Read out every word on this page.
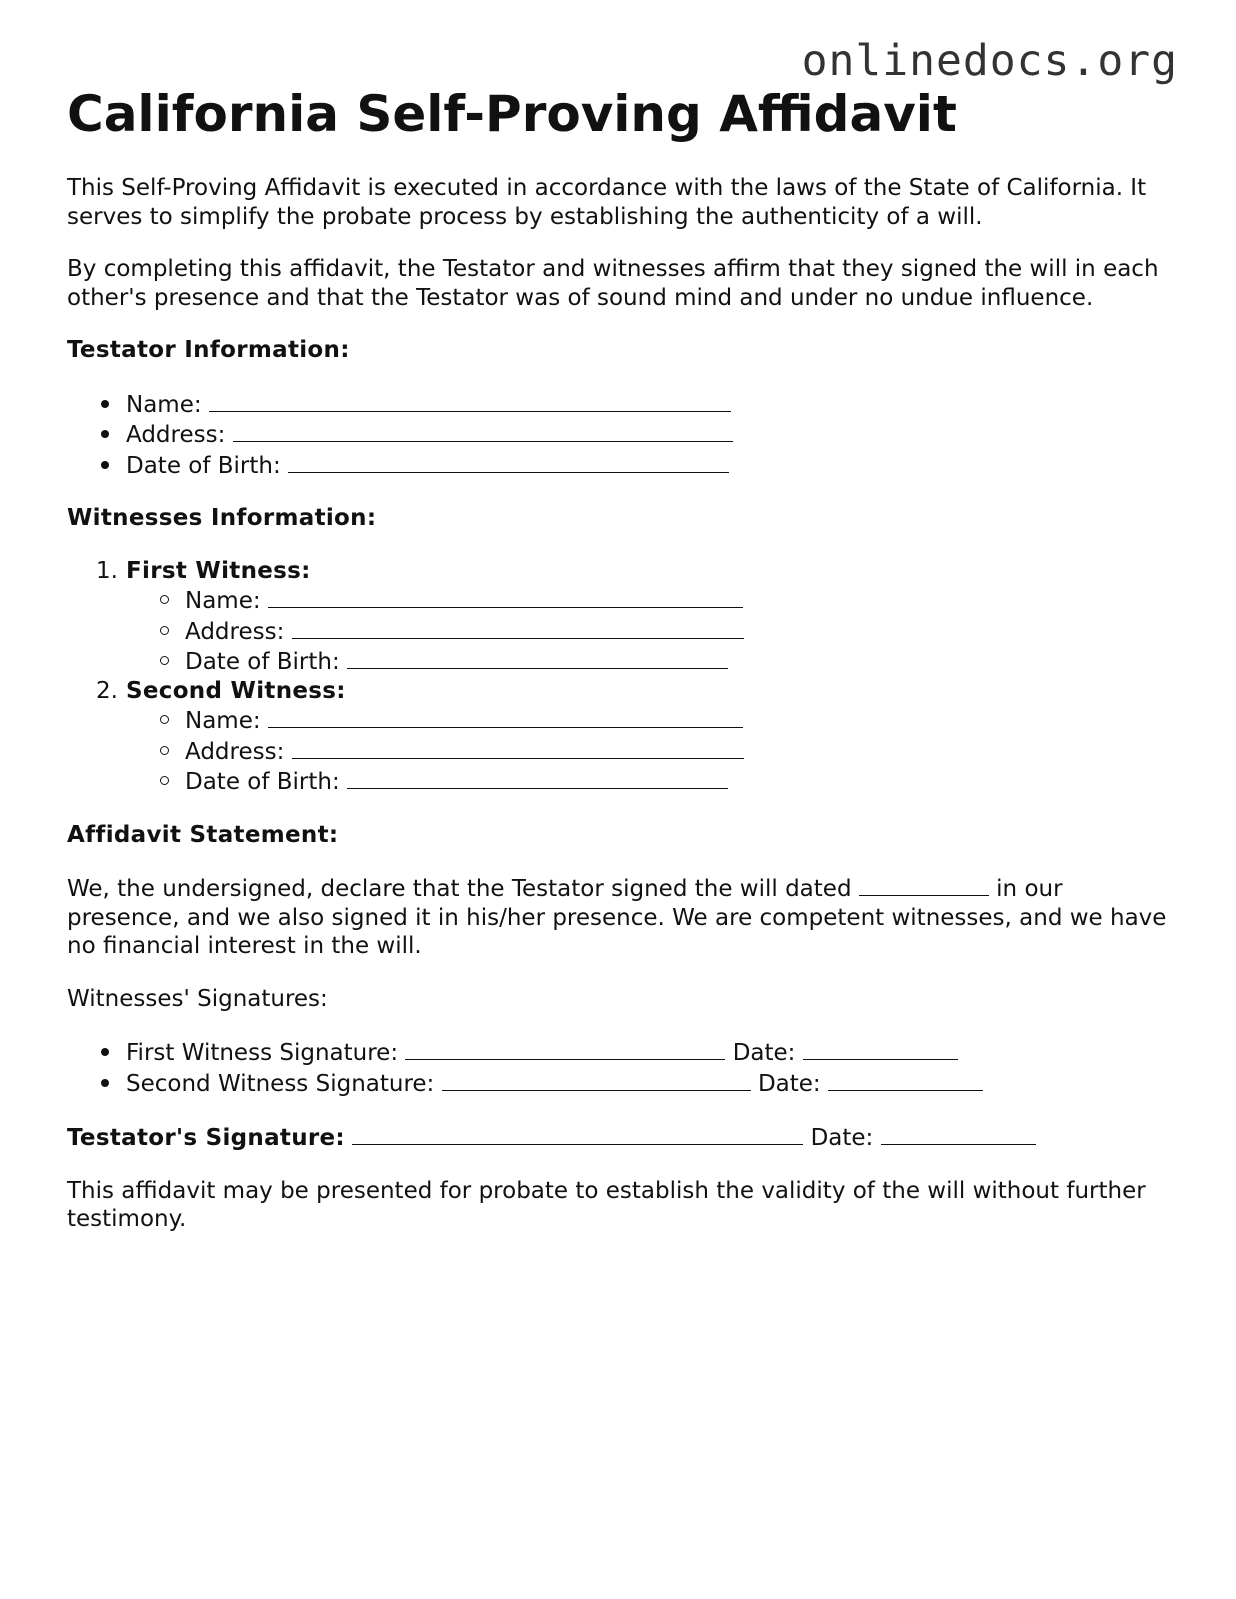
onlinedocs.org
California Self-Proving Affidavit

This Self-Proving Affidavit is executed in accordance with the laws of the State of California. It serves to simplify the probate process by establishing the authenticity of a will.

By completing this affidavit, the Testator and witnesses affirm that they signed the will in each other's presence and that the Testator was of sound mind and under no undue influence.

Testator Information:

Name:
Address:
Date of Birth:

Witnesses Information:

1. First Witness:
Name:
Address:
Date of Birth:
2. Second Witness:
Name:
Address:
Date of Birth:

Affidavit Statement:

We, the undersigned, declare that the Testator signed the will dated	in our presence, and we also signed it in his/her presence. We are competent witnesses, and we have no financial interest in the will.

Witnesses' Signatures:

First Witness Signature:	Date:
Second Witness Signature:	Date:

Testator's Signature:	Date:

This affidavit may be presented for probate to establish the validity of the will without further testimony.
